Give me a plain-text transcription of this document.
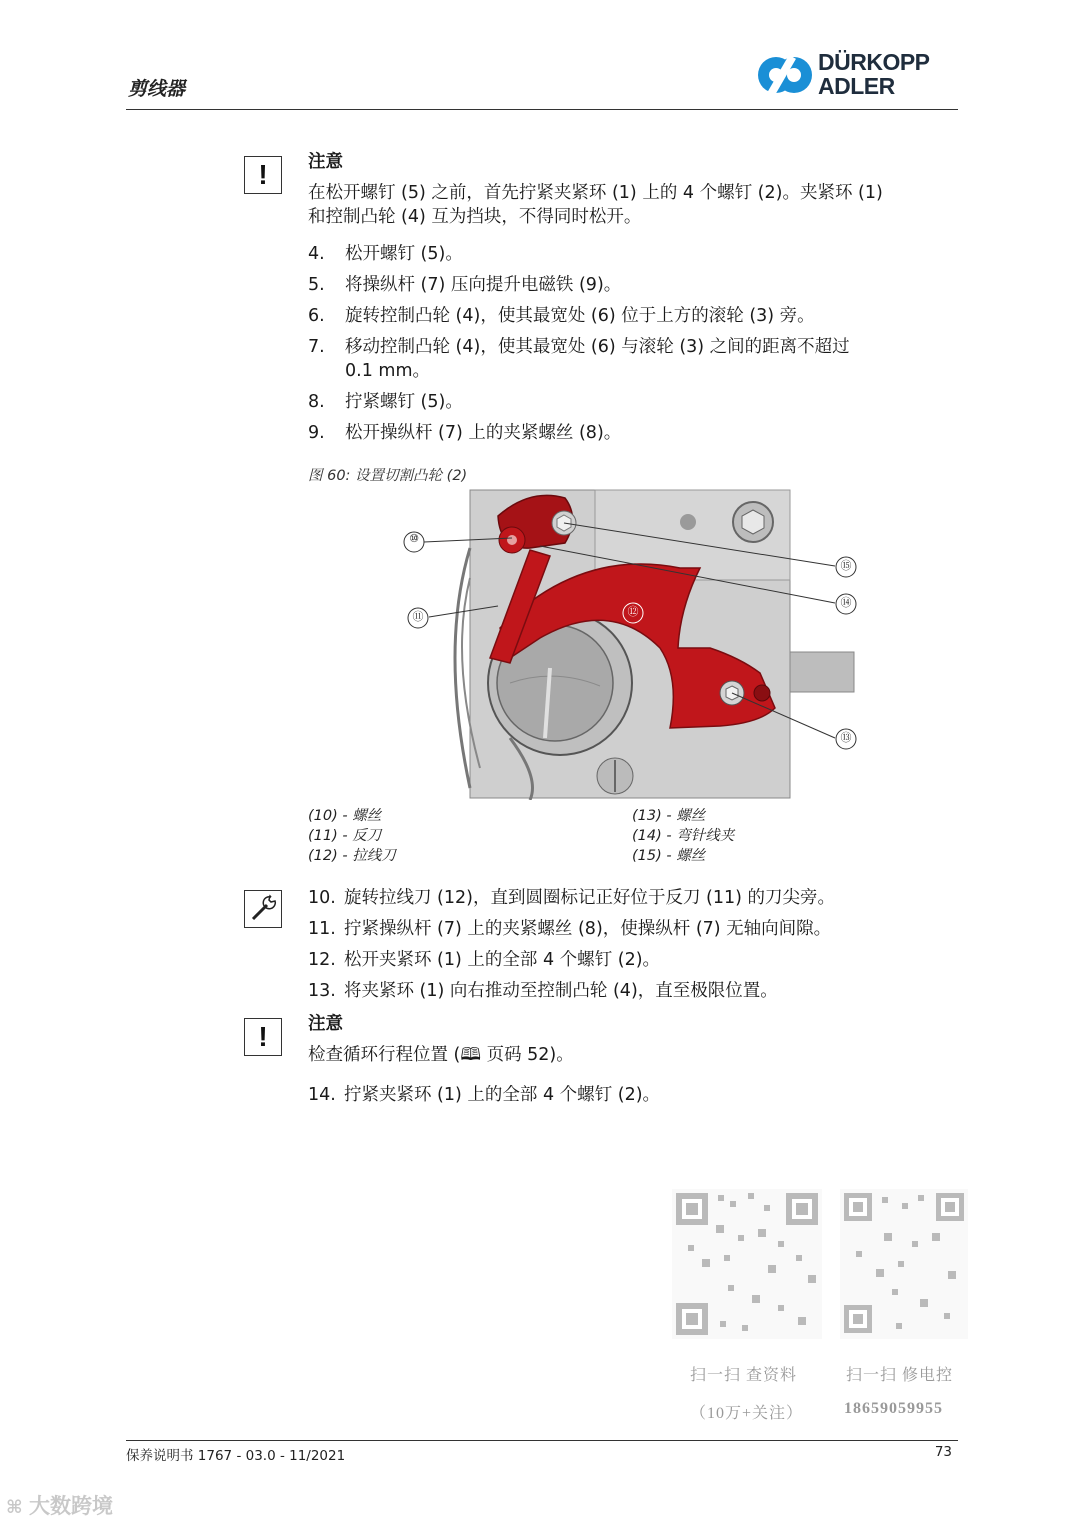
剪线器
DÜRKOPP
ADLER
!	注意
在松开螺钉 (5) 之前，首先拧紧夹紧环 (1) 上的 4 个螺钉 (2)。夹紧环 (1)
和控制凸轮 (4) 互为挡块，不得同时松开。
4. 松开螺钉 (5)。
5. 将操纵杆 (7) 压向提升电磁铁 (9)。
6. 旋转控制凸轮 (4)，使其最宽处 (6) 位于上方的滚轮 (3) 旁。
7. 移动控制凸轮 (4)，使其最宽处 (6) 与滚轮 (3) 之间的距离不超过
0.1 mm。
8. 拧紧螺钉 (5)。
9. 松开操纵杆 (7) 上的夹紧螺丝 (8)。
图 60: 设置切割凸轮 (2)
⑩
⑪	⑫
⑬
⑭
⑮
(10) - 螺丝
(11) - 反刀
(12) - 拉线刀
(13) - 螺丝
(14) - 弯针线夹
(15) - 螺丝
10. 旋转拉线刀 (12)，直到圆圈标记正好位于反刀 (11) 的刀尖旁。
11. 拧紧操纵杆 (7) 上的夹紧螺丝 (8)，使操纵杆 (7) 无轴向间隙。
12. 松开夹紧环 (1) 上的全部 4 个螺钉 (2)。
13. 将夹紧环 (1) 向右推动至控制凸轮 (4)，直至极限位置。
!	注意
检查循环行程位置 (🕮 页码 52)。
14. 拧紧夹紧环 (1) 上的全部 4 个螺钉 (2)。
扫一扫 查资料
（10万+关注）
扫一扫 修电控
18659059955
保养说明书 1767 - 03.0 - 11/2021	73
⌘ 大数跨境
